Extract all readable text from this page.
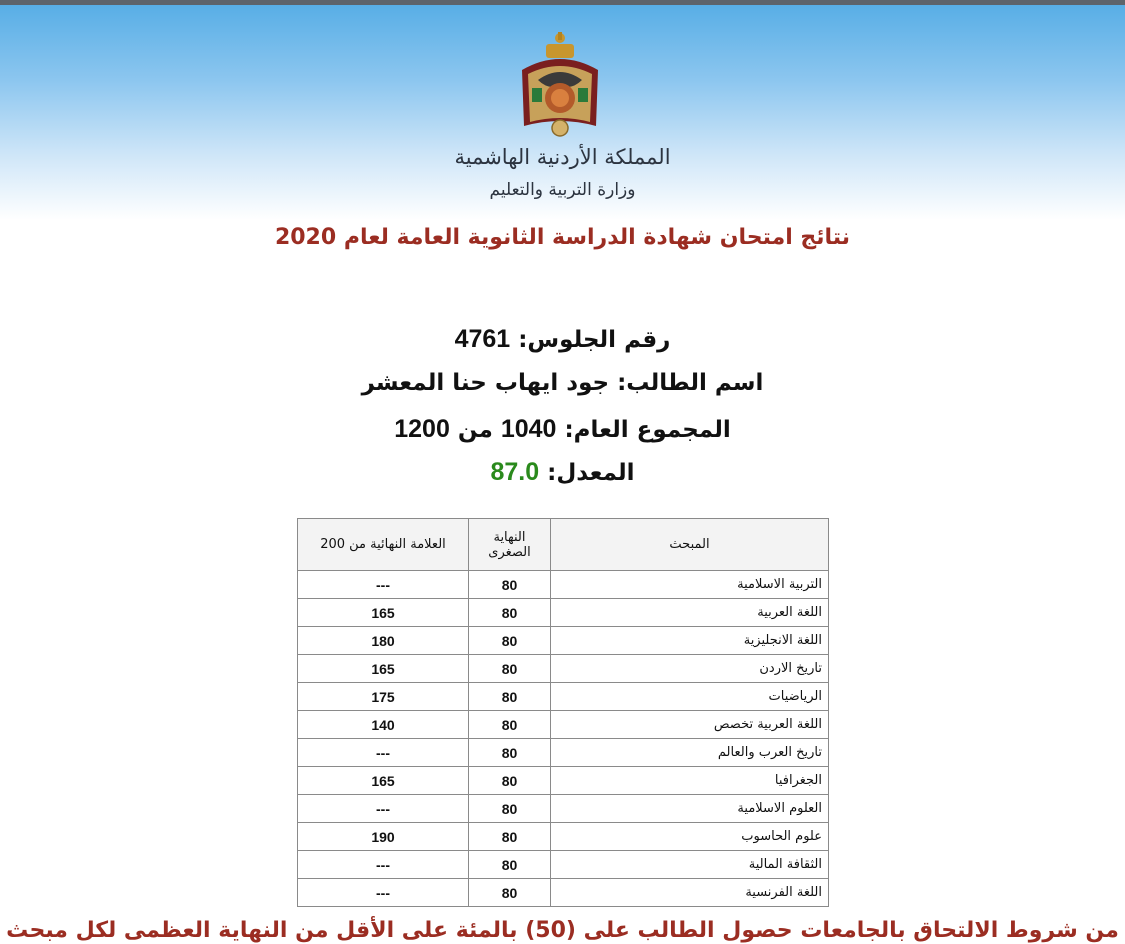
المملكة الأردنية الهاشمية
وزارة التربية والتعليم
نتائج امتحان شهادة الدراسة الثانوية العامة لعام 2020
رقم الجلوس: 4761
اسم الطالب: جود ايهاب حنا المعشر
المجموع العام: 1040 من 1200
المعدل: 87.0
المبحث	النهاية الصغرى	العلامة النهائية من 200
التربية الاسلامية	80	---
اللغة العربية	80	165
اللغة الانجليزية	80	180
تاريخ الاردن	80	165
الرياضيات	80	175
اللغة العربية تخصص	80	140
تاريخ العرب والعالم	80	---
الجغرافيا	80	165
العلوم الاسلامية	80	---
علوم الحاسوب	80	190
الثقافة المالية	80	---
اللغة الفرنسية	80	---
من شروط الالتحاق بالجامعات حصول الطالب على (50) بالمئة على الأقل من النهاية العظمى لكل مبحث
